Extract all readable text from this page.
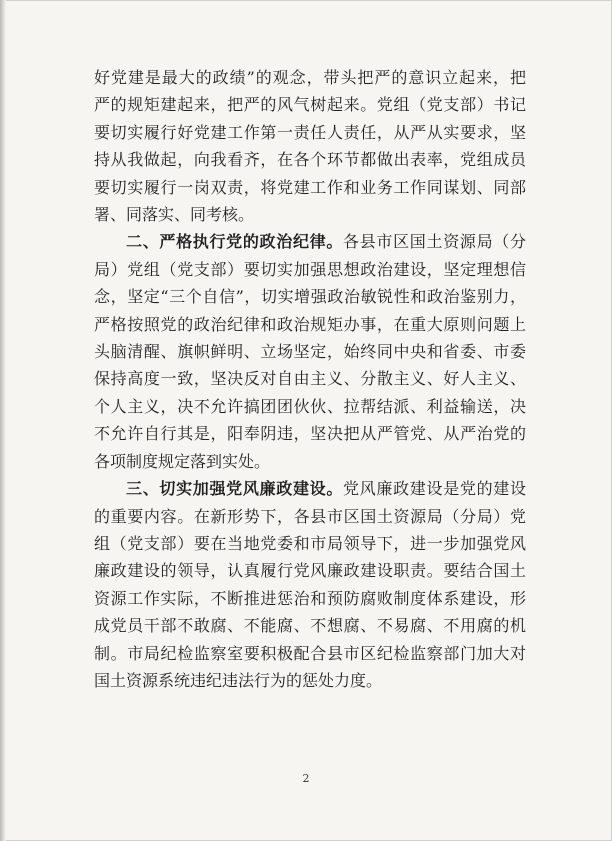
好党建是最大的政绩”的观念，带头把严的意识立起来，把
严的规矩建起来，把严的风气树起来。党组（党支部）书记
要切实履行好党建工作第一责任人责任，从严从实要求，坚
持从我做起，向我看齐，在各个环节都做出表率，党组成员
要切实履行一岗双责，将党建工作和业务工作同谋划、同部
署、同落实、同考核。
二、严格执行党的政治纪律。各县市区国土资源局（分
局）党组（党支部）要切实加强思想政治建设，坚定理想信
念，坚定“三个自信”，切实增强政治敏锐性和政治鉴别力，
严格按照党的政治纪律和政治规矩办事，在重大原则问题上
头脑清醒、旗帜鲜明、立场坚定，始终同中央和省委、市委
保持高度一致，坚决反对自由主义、分散主义、好人主义、
个人主义，决不允许搞团团伙伙、拉帮结派、利益输送，决
不允许自行其是，阳奉阴违，坚决把从严管党、从严治党的
各项制度规定落到实处。
三、切实加强党风廉政建设。党风廉政建设是党的建设
的重要内容。在新形势下，各县市区国土资源局（分局）党
组（党支部）要在当地党委和市局领导下，进一步加强党风
廉政建设的领导，认真履行党风廉政建设职责。要结合国土
资源工作实际，不断推进惩治和预防腐败制度体系建设，形
成党员干部不敢腐、不能腐、不想腐、不易腐、不用腐的机
制。市局纪检监察室要积极配合县市区纪检监察部门加大对
国土资源系统违纪违法行为的惩处力度。
2
